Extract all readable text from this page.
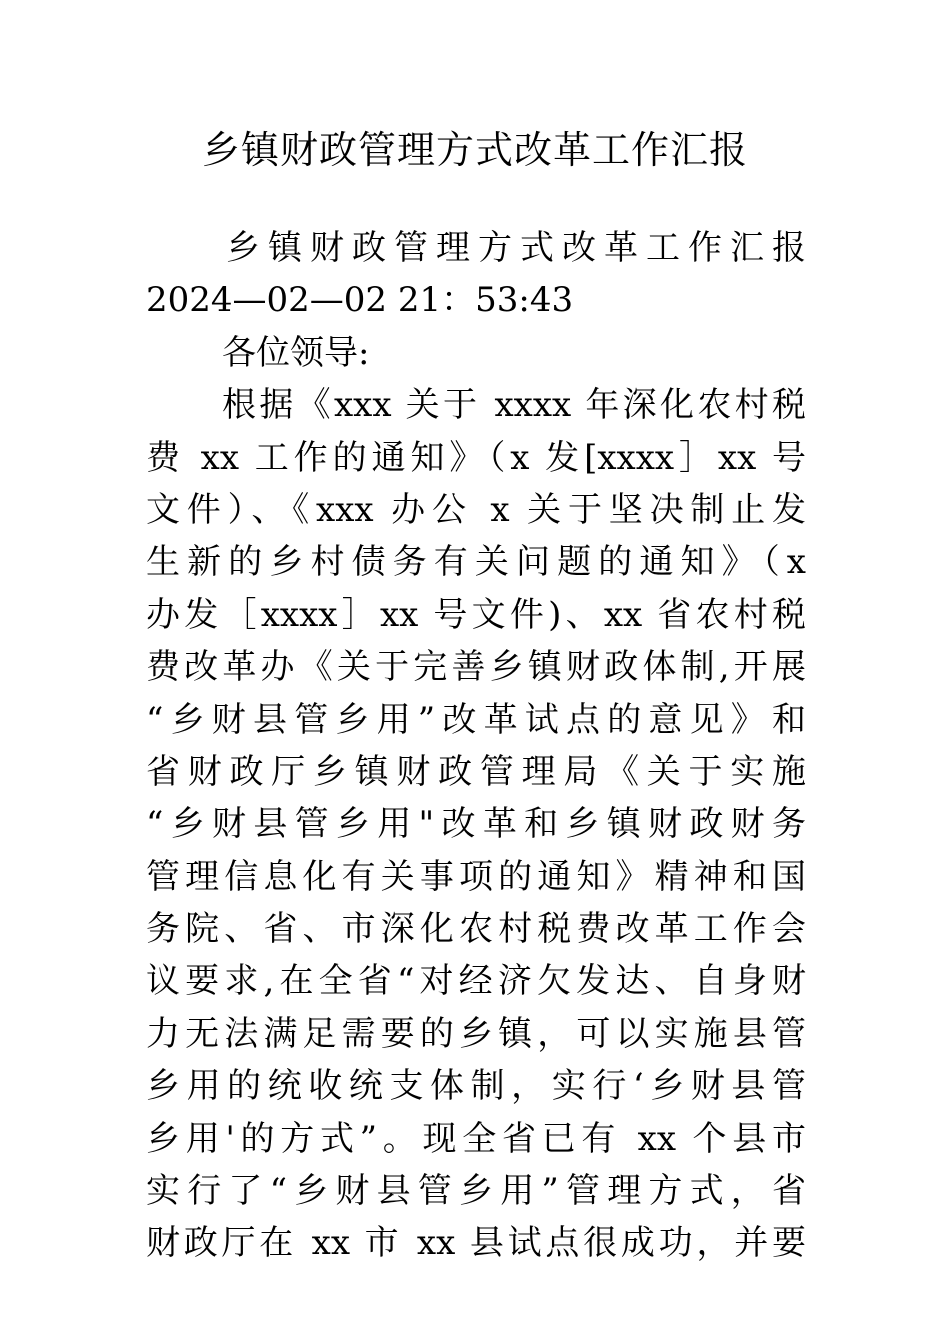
乡镇财政管理方式改革工作汇报
乡镇财政管理方式改革工作汇报
2024—02—02 21：53:43
各位领导:
根据《xxx 关于 xxxx 年深化农村税
费 xx 工作的通知》（x 发[xxxx］xx 号
文件）、《xxx 办公 x 关于坚决制止发
生新的乡村债务有关问题的通知》（x
办发［xxxx］xx 号文件)、xx 省农村税
费改革办《关于完善乡镇财政体制,开展
“乡财县管乡用”改革试点的意见》和
省财政厅乡镇财政管理局《关于实施
“乡财县管乡用"改革和乡镇财政财务
管理信息化有关事项的通知》精神和国
务院、省、市深化农村税费改革工作会
议要求,在全省“对经济欠发达、自身财
力无法满足需要的乡镇，可以实施县管
乡用的统收统支体制，实行‘乡财县管
乡用'的方式”。现全省已有 xx 个县市
实行了“乡财县管乡用”管理方式，省
财政厅在 xx 市 xx 县试点很成功，并要
